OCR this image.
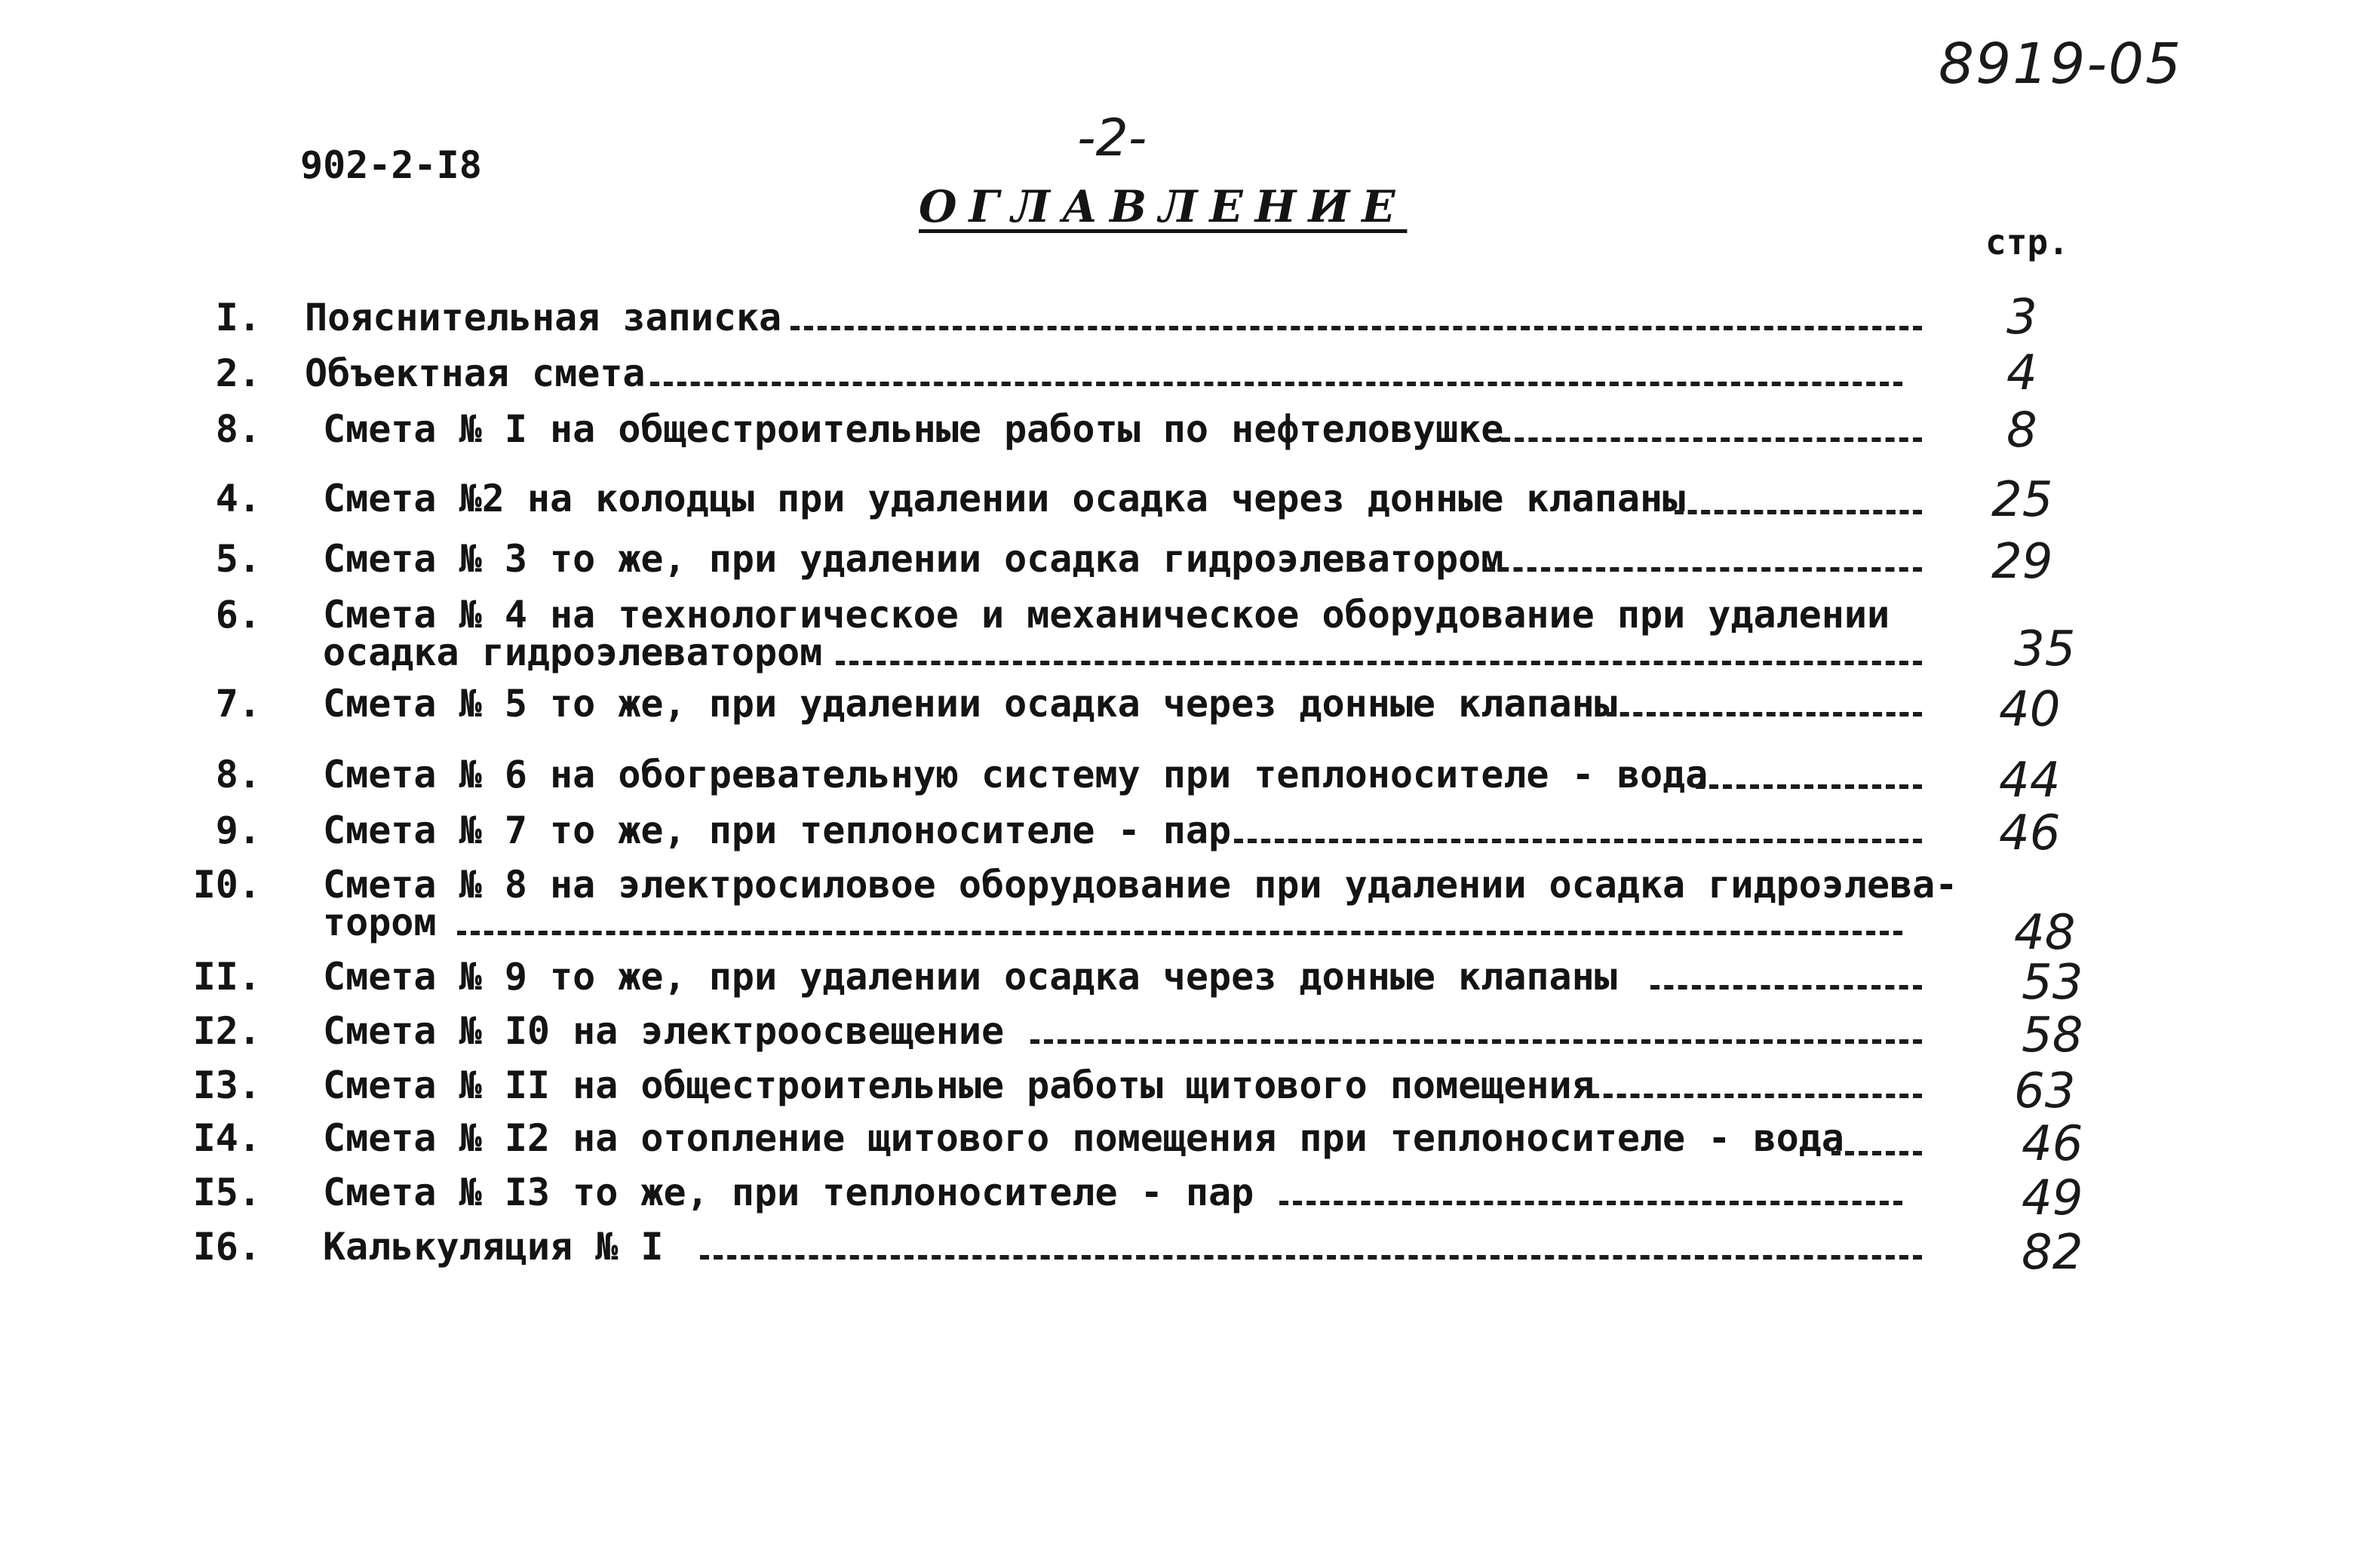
8919-05
902-2-I8	-2-
ОГЛАВЛЕНИЕ
стр.
I. Пояснительная записка	3
2. Объектная смета	4
8. Смета № I на общестроительные работы по нефтеловушке	8
4. Смета №2 на колодцы при удалении осадка через донные клапаны	25
5. Смета № 3 то же, при удалении осадка гидроэлеватором	29
6. Смета № 4 на технологическое и механическое оборудование при удалении
осадка гидроэлеватором	35
7. Смета № 5 то же, при удалении осадка через донные клапаны	40
8. Смета № 6 на обогревательную систему при теплоносителе - вода	44
9. Смета № 7 то же, при теплоносителе - пар	46
I0. Смета № 8 на электросиловое оборудование при удалении осадка гидроэлева-
тором	48
II. Смета № 9 то же, при удалении осадка через донные клапаны	53
I2. Смета № I0 на электроосвещение	58
I3. Смета № II на общестроительные работы щитового помещения	63
I4. Смета № I2 на отопление щитового помещения при теплоносителе - вода	46
I5. Смета № I3 то же, при теплоносителе - пар	49
I6. Калькуляция № I	82
